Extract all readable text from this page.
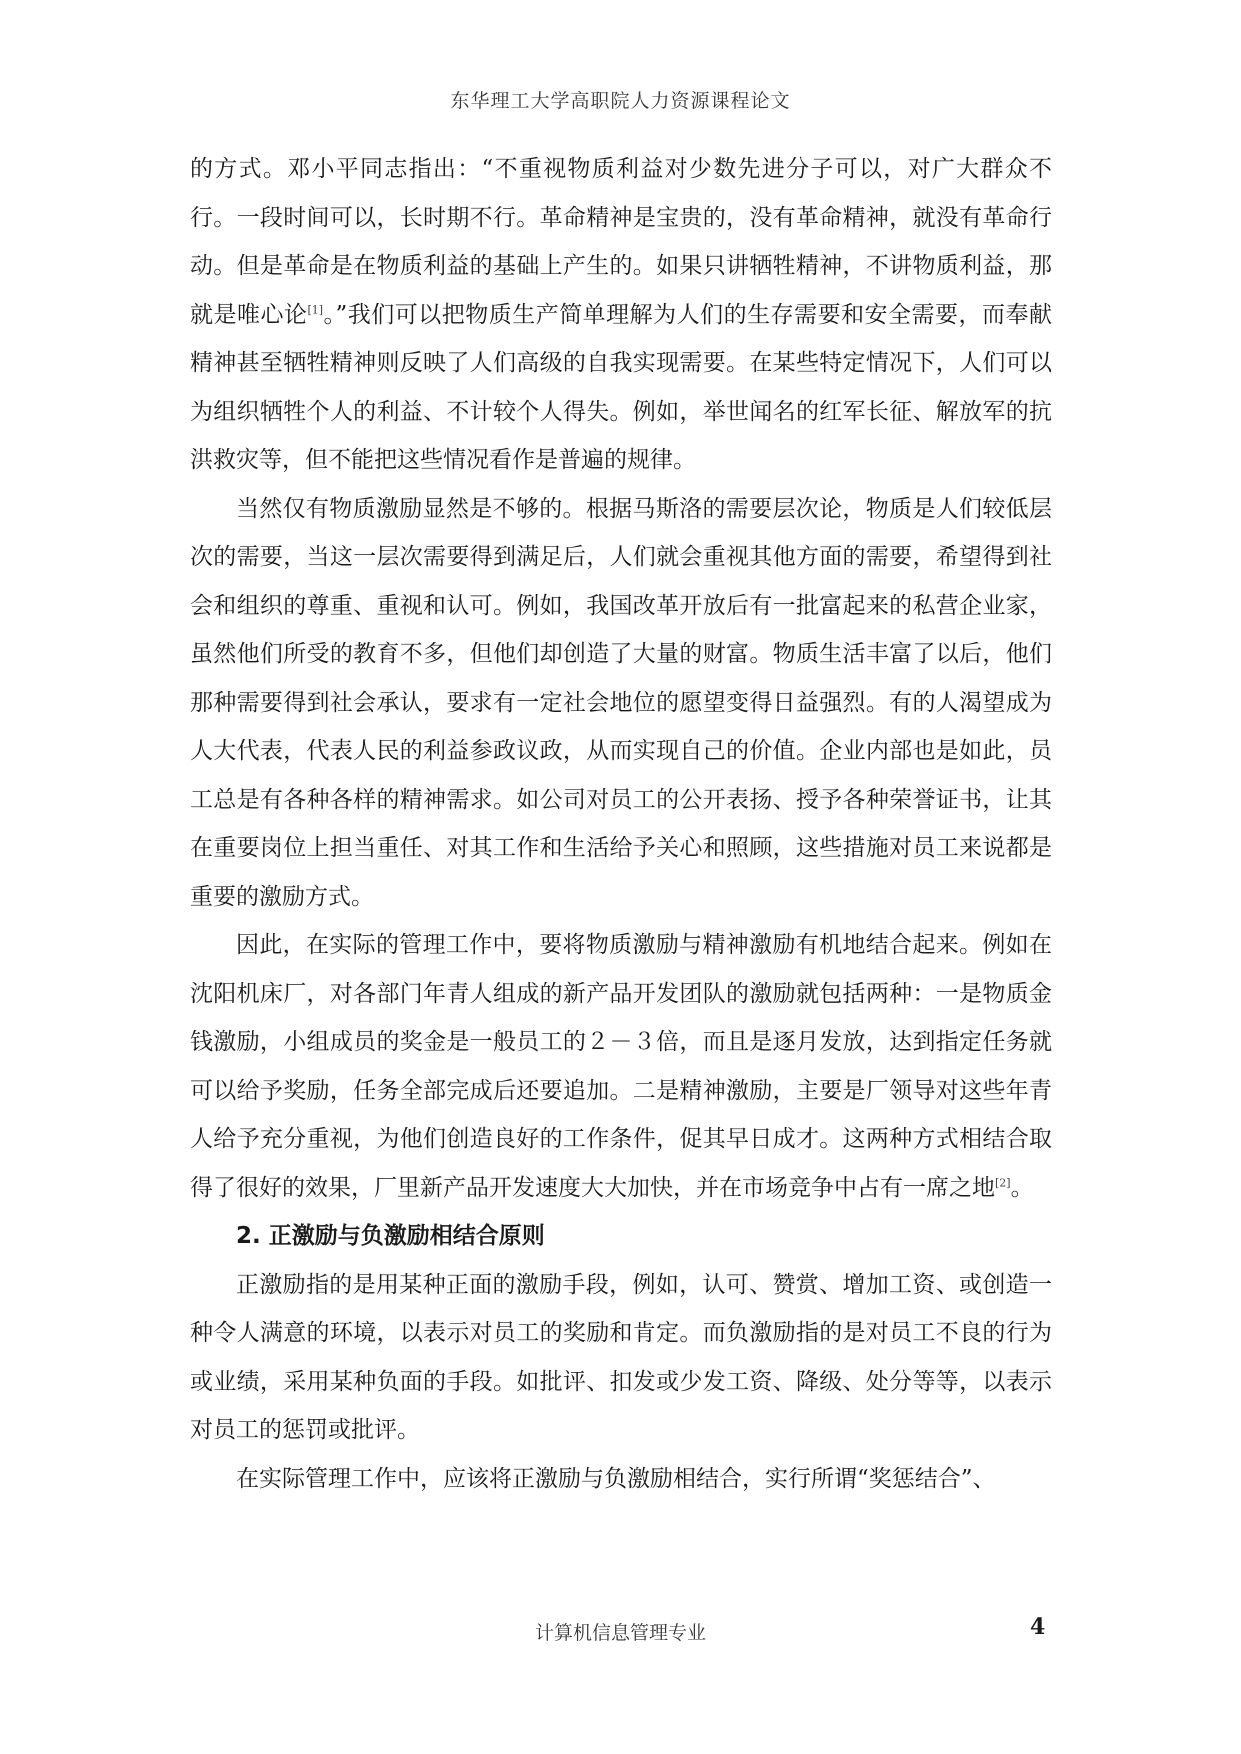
东华理工大学高职院人力资源课程论文

的方式。邓小平同志指出：“不重视物质利益对少数先进分子可以，对广大群众不行。一段时间可以，长时期不行。革命精神是宝贵的，没有革命精神，就没有革命行动。但是革命是在物质利益的基础上产生的。如果只讲牺牲精神，不讲物质利益，那就是唯心论[1]。”我们可以把物质生产简单理解为人们的生存需要和安全需要，而奉献精神甚至牺牲精神则反映了人们高级的自我实现需要。在某些特定情况下，人们可以为组织牺牲个人的利益、不计较个人得失。例如，举世闻名的红军长征、解放军的抗洪救灾等，但不能把这些情况看作是普遍的规律。

当然仅有物质激励显然是不够的。根据马斯洛的需要层次论，物质是人们较低层次的需要，当这一层次需要得到满足后，人们就会重视其他方面的需要，希望得到社会和组织的尊重、重视和认可。例如，我国改革开放后有一批富起来的私营企业家，虽然他们所受的教育不多，但他们却创造了大量的财富。物质生活丰富了以后，他们那种需要得到社会承认，要求有一定社会地位的愿望变得日益强烈。有的人渴望成为人大代表，代表人民的利益参政议政，从而实现自己的价值。企业内部也是如此，员工总是有各种各样的精神需求。如公司对员工的公开表扬、授予各种荣誉证书，让其在重要岗位上担当重任、对其工作和生活给予关心和照顾，这些措施对员工来说都是重要的激励方式。

因此，在实际的管理工作中，要将物质激励与精神激励有机地结合起来。例如在沈阳机床厂，对各部门年青人组成的新产品开发团队的激励就包括两种：一是物质金钱激励，小组成员的奖金是一般员工的２－３倍，而且是逐月发放，达到指定任务就可以给予奖励，任务全部完成后还要追加。二是精神激励，主要是厂领导对这些年青人给予充分重视，为他们创造良好的工作条件，促其早日成才。这两种方式相结合取得了很好的效果，厂里新产品开发速度大大加快，并在市场竞争中占有一席之地[2]。

2. 正激励与负激励相结合原则

正激励指的是用某种正面的激励手段，例如，认可、赞赏、增加工资、或创造一种令人满意的环境，以表示对员工的奖励和肯定。而负激励指的是对员工不良的行为或业绩，采用某种负面的手段。如批评、扣发或少发工资、降级、处分等等，以表示对员工的惩罚或批评。

在实际管理工作中，应该将正激励与负激励相结合，实行所谓“奖惩结合”、

计算机信息管理专业	4
